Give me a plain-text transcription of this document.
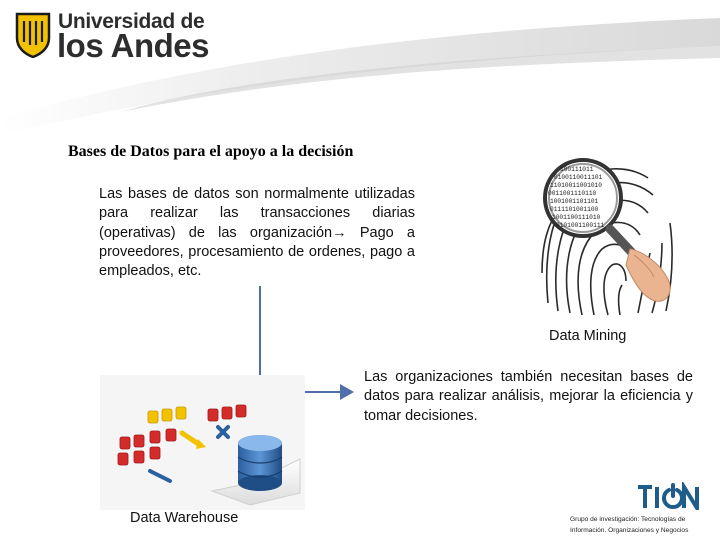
Universidad de
los Andes
Bases de Datos para el apoyo a la decisión
Las bases de datos son normalmente utilizadas para realizar las transacciones diarias (operativas) de las organización→ Pago a proveedores, procesamiento de ordenes, pago a empleados, etc.
100111011
0100110011101
11010011001010
0011001110110
1001001101101
0111101001100
1001100111010
0101001100111
Data Mining
Las organizaciones también necesitan bases de datos para realizar análisis, mejorar la eficiencia y tomar decisiones.
Data Warehouse	Grupo de investigación: Tecnologías de Información. Organizaciones y Negocios
